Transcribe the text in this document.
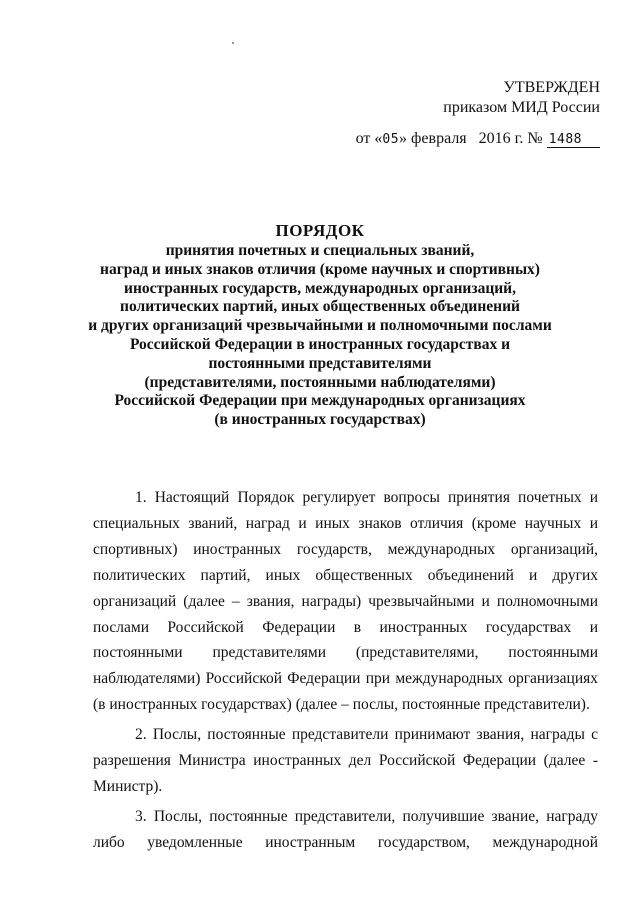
УТВЕРЖДЕН
приказом МИД России
от «05» февраля 2016 г. № 1488
ПОРЯДОК
принятия почетных и специальных званий,
наград и иных знаков отличия (кроме научных и спортивных)
иностранных государств, международных организаций,
политических партий, иных общественных объединений
и других организаций чрезвычайными и полномочными послами
Российской Федерации в иностранных государствах и
постоянными представителями
(представителями, постоянными наблюдателями)
Российской Федерации при международных организациях
(в иностранных государствах)

1. Настоящий Порядок регулирует вопросы принятия почетных и специальных званий, наград и иных знаков отличия (кроме научных и спортивных) иностранных государств, международных организаций, политических партий, иных общественных объединений и других организаций (далее – звания, награды) чрезвычайными и полномочными послами Российской Федерации в иностранных государствах и постоянными представителями (представителями, постоянными наблюдателями) Российской Федерации при международных организациях (в иностранных государствах) (далее – послы, постоянные представители).

2. Послы, постоянные представители принимают звания, награды с разрешения Министра иностранных дел Российской Федерации (далее - Министр).

3. Послы, постоянные представители, получившие звание, награду либо уведомленные иностранным государством, международной
